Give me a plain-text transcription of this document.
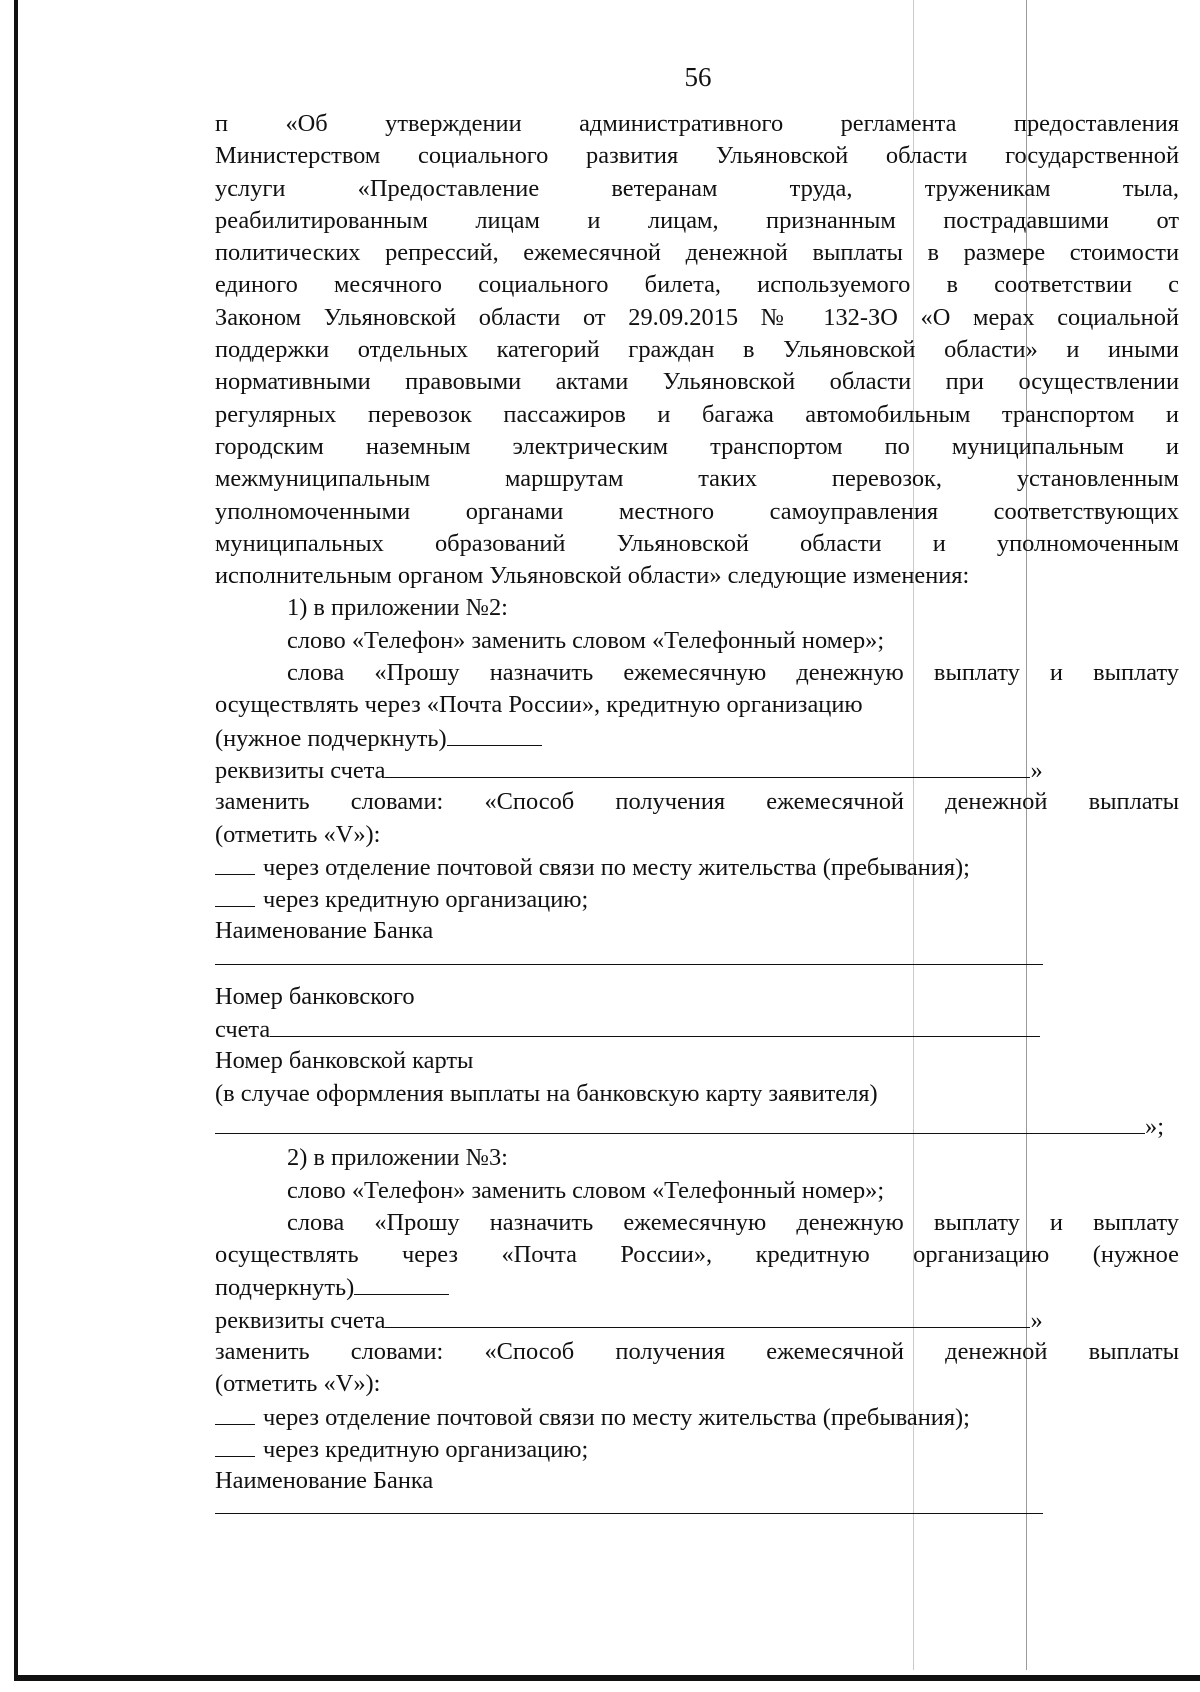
56
п «Об утверждении административного регламента предоставления
Министерством социального развития Ульяновской области государственной
услуги «Предоставление ветеранам труда, труженикам тыла,
реабилитированным лицам и лицам, признанным пострадавшими от
политических репрессий, ежемесячной денежной выплаты в размере стоимости
единого месячного социального билета, используемого в соответствии с
Законом Ульяновской области от 29.09.2015 № 132-ЗО «О мерах социальной
поддержки отдельных категорий граждан в Ульяновской области» и иными
нормативными правовыми актами Ульяновской области при осуществлении
регулярных перевозок пассажиров и багажа автомобильным транспортом и
городским наземным электрическим транспортом по муниципальным и
межмуниципальным маршрутам таких перевозок, установленным
уполномоченными органами местного самоуправления соответствующих
муниципальных образований Ульяновской области и уполномоченным
исполнительным органом Ульяновской области» следующие изменения:
1) в приложении №2:
слово «Телефон» заменить словом «Телефонный номер»;
слова «Прошу назначить ежемесячную денежную выплату и выплату
осуществлять через «Почта России», кредитную организацию
(нужное подчеркнуть)
реквизиты счета	»
заменить словами: «Способ получения ежемесячной денежной выплаты
(отметить «V»):
через отделение почтовой связи по месту жительства (пребывания);
через кредитную организацию;
Наименование Банка
Номер банковского
счета
Номер банковской карты
(в случае оформления выплаты на банковскую карту заявителя)
»;
2) в приложении №3:
слово «Телефон» заменить словом «Телефонный номер»;
слова «Прошу назначить ежемесячную денежную выплату и выплату
осуществлять через «Почта России», кредитную организацию (нужное
подчеркнуть)
реквизиты счета	»
заменить словами: «Способ получения ежемесячной денежной выплаты
(отметить «V»):
через отделение почтовой связи по месту жительства (пребывания);
через кредитную организацию;
Наименование Банка
